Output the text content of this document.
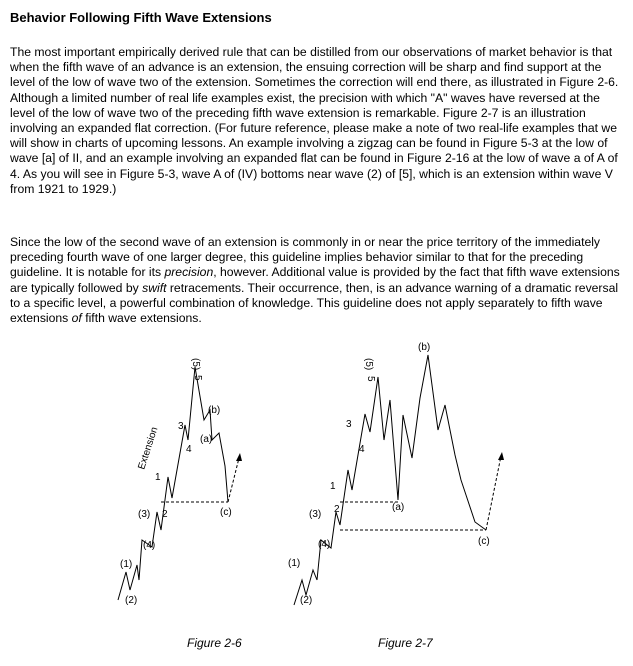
Behavior Following Fifth Wave Extensions

The most important empirically derived rule that can be distilled from our observations of market behavior is that when the fifth wave of an advance is an extension, the ensuing correction will be sharp and find support at the level of the low of wave two of the extension. Sometimes the correction will end there, as illustrated in Figure 2-6. Although a limited number of real life examples exist, the precision with which "A" waves have reversed at the level of the low of wave two of the preceding fifth wave extension is remarkable. Figure 2-7 is an illustration involving an expanded flat correction. (For future reference, please make a note of two real-life examples that we will show in charts of upcoming lessons. An example involving a zigzag can be found in Figure 5-3 at the low of wave [a] of II, and an example involving an expanded flat can be found in Figure 2-16 at the low of wave a of A of 4. As you will see in Figure 5-3, wave A of (IV) bottoms near wave (2) of [5], which is an extension within wave V from 1921 to 1929.)

Since the low of the second wave of an extension is commonly in or near the price territory of the immediately preceding fourth wave of one larger degree, this guideline implies behavior similar to that for the preceding guideline. It is notable for its precision, however. Additional value is provided by the fact that fifth wave extensions are typically followed by swift retracements. Their occurrence, then, is an advance warning of a dramatic reversal to a specific level, a powerful combination of knowledge. This guideline does not apply separately to fifth wave extensions of fifth wave extensions.

(1)
(2)
(3)
(4)
1
2
3
4
5
(5)
(a)
(b)
(c)
Extension
Figure 2-6
(1)
(2)
(3)
(4)
1
2
3
4
5
(5)
(a)
(b)
(c)
Figure 2-7
